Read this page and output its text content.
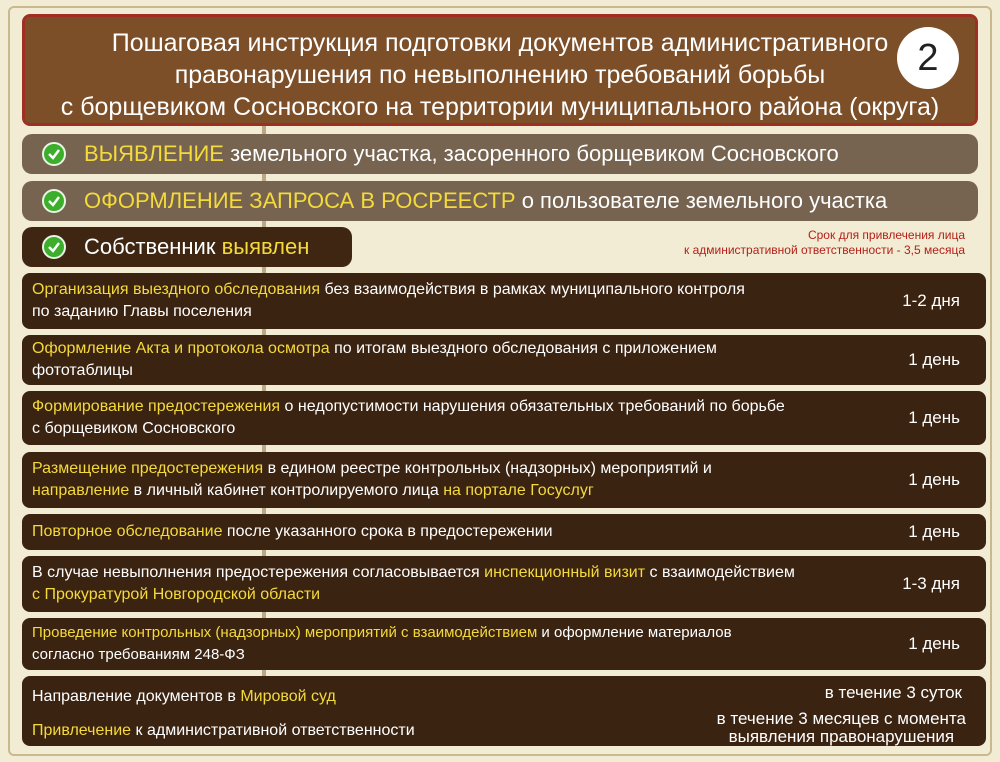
Пошаговая инструкция подготовки документов административного
правонарушения по невыполнению требований борьбы
с борщевиком Сосновского на территории муниципального района (округа)
2
ВЫЯВЛЕНИЕ земельного участка, засоренного борщевиком Сосновского
ОФОРМЛЕНИЕ ЗАПРОСА В РОСРЕЕСТР о пользователе земельного участка
Собственник выявлен	Срок для привлечения лица
к административной ответственности - 3,5 месяца
Организация выездного обследования без взаимодействия в рамках муниципального контроля
по заданию Главы поселения
1-2 дня
Оформление Акта и протокола осмотра по итогам выездного обследования с приложением
фототаблицы
1 день
Формирование предостережения о недопустимости нарушения обязательных требований по борьбе
с борщевиком Сосновского
1 день
Размещение предостережения в едином реестре контрольных (надзорных) мероприятий и
направление в личный кабинет контролируемого лица на портале Госуслуг
1 день
Повторное обследование после указанного срока в предостережении	1 день
В случае невыполнения предостережения согласовывается инспекционный визит с взаимодействием
с Прокуратурой Новгородской области
1-3 дня
Проведение контрольных (надзорных) мероприятий с взаимодействием и оформление материалов
согласно требованиям 248-ФЗ
1 день
Направление документов в Мировой суд
Привлечение к административной ответственности
в течение 3 суток
в течение 3 месяцев с момента
выявления правонарушения
